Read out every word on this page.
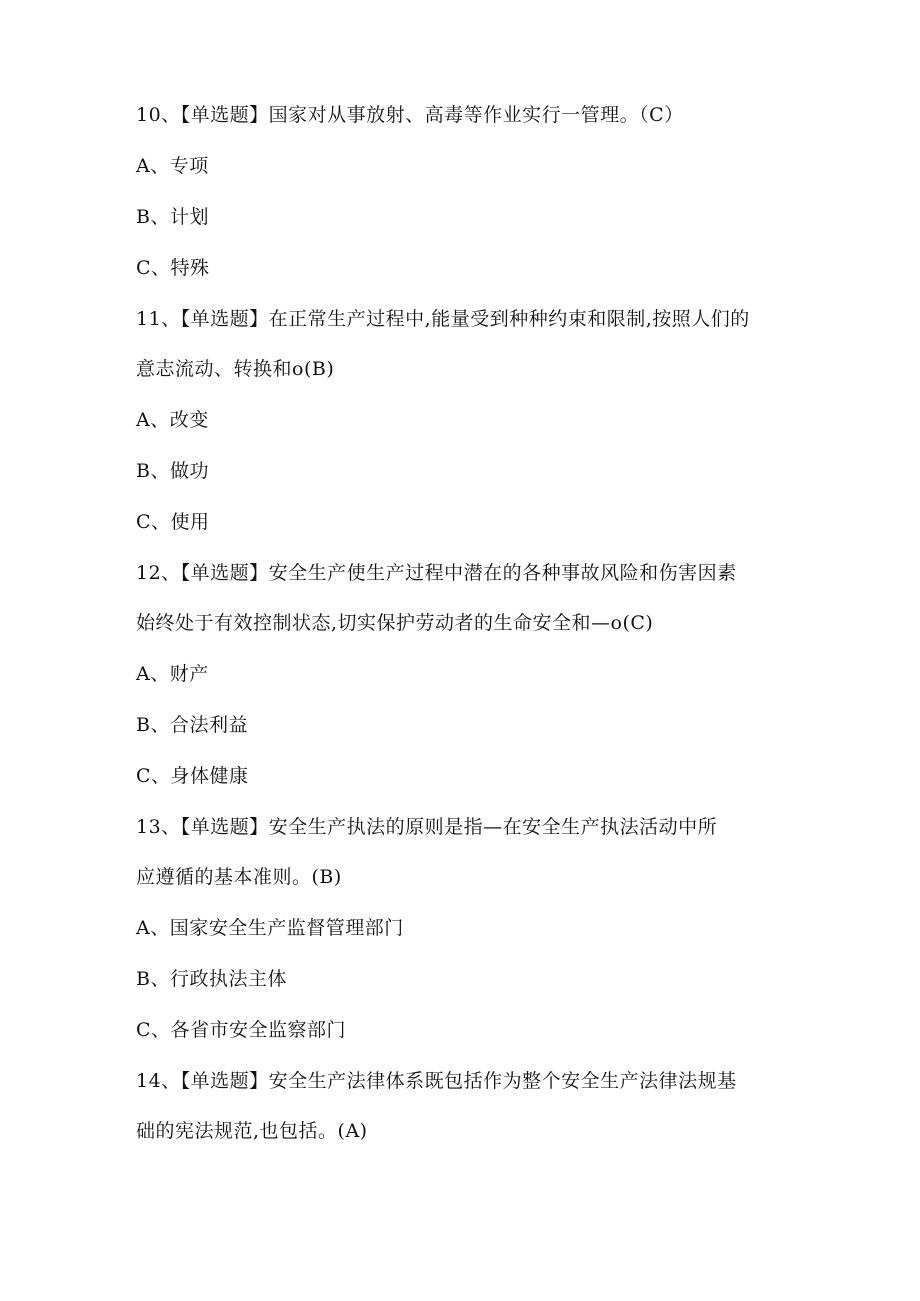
10、【单选题】国家对从事放射、高毒等作业实行一管理。（C）
A、专项
B、计划
C、特殊
11、【单选题】在正常生产过程中,能量受到种种约束和限制,按照人们的
意志流动、转换和o(B)
A、改变
B、做功
C、使用
12、【单选题】安全生产使生产过程中潜在的各种事故风险和伤害因素
始终处于有效控制状态,切实保护劳动者的生命安全和—o(C)
A、财产
B、合法利益
C、身体健康
13、【单选题】安全生产执法的原则是指—在安全生产执法活动中所
应遵循的基本准则。(B)
A、国家安全生产监督管理部门
B、行政执法主体
C、各省市安全监察部门
14、【单选题】安全生产法律体系既包括作为整个安全生产法律法规基
础的宪法规范,也包括。(A)
